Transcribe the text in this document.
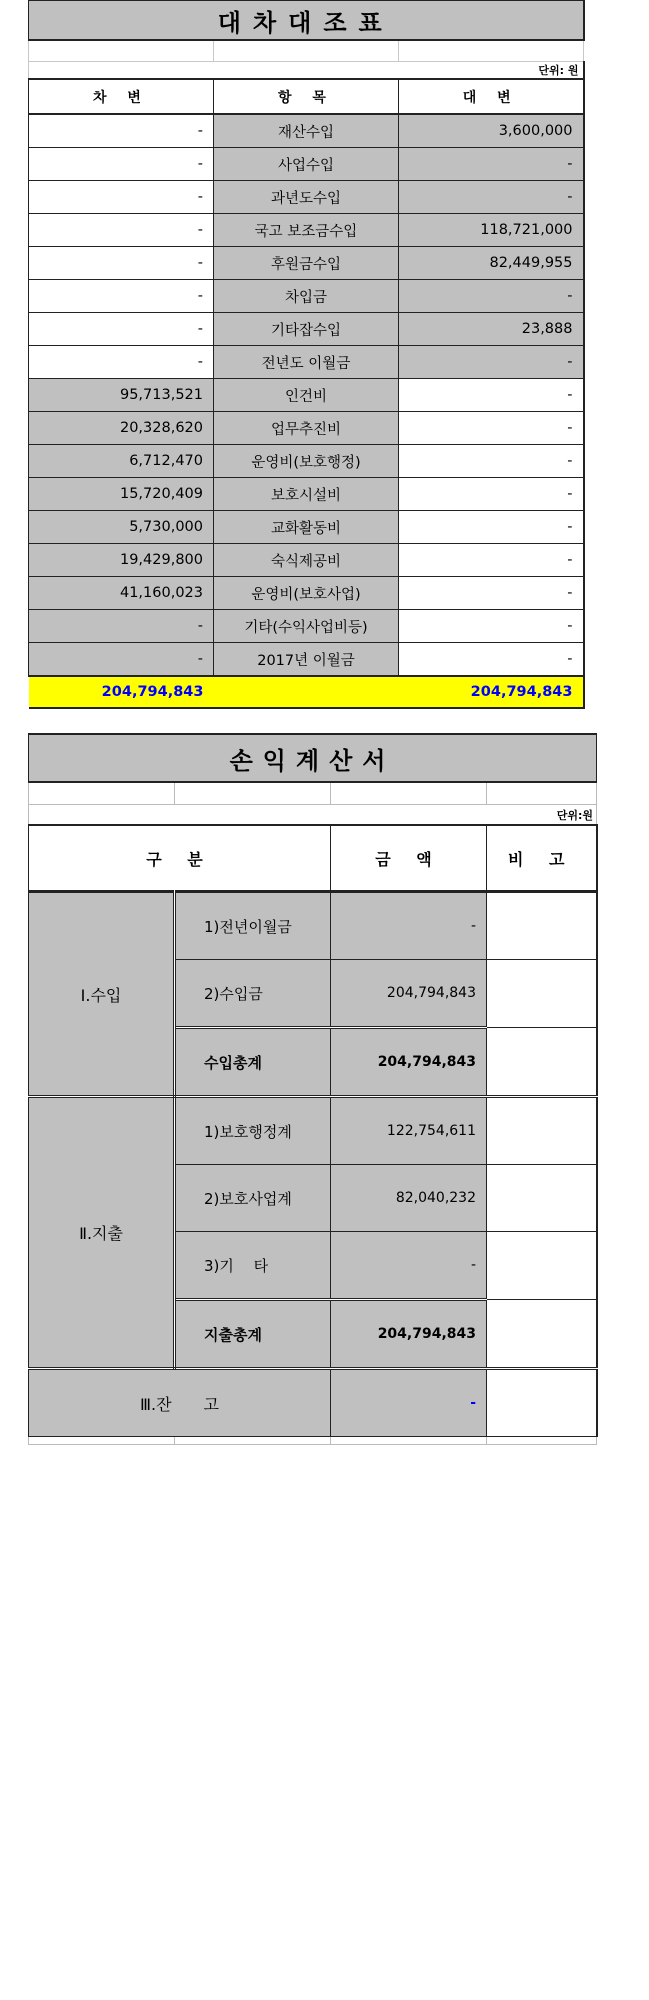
대차대조표		

단위: 원		
차 변	항 목	대 변
-	재산수입	3,600,000
-	사업수입	-
-	과년도수입	-
-	국고 보조금수입	118,721,000
-	후원금수입	82,449,955
-	차입금	-
-	기타잡수입	23,888
-	전년도 이월금	-
95,713,521	인건비	-
20,328,620	업무추진비	-
6,712,470	운영비(보호행정)	-
15,720,409	보호시설비	-
5,730,000	교화활동비	-
19,429,800	숙식제공비	-
41,160,023	운영비(보호사업)	-
-	기타(수익사업비등)	-
-	2017년 이월금	-
204,794,843		204,794,843
손익계산서			

단위:원			
구 분		금 액	비 고
Ⅰ.수입	1)전년이월금	-	
	2)수입금	204,794,843	
	수입총계	204,794,843	
Ⅱ.지출	1)보호행정계	122,754,611	
	2)보호사업계	82,040,232	
	3)기　 타	-	
	지출총계	204,794,843	
Ⅲ.잔　　고		-	
